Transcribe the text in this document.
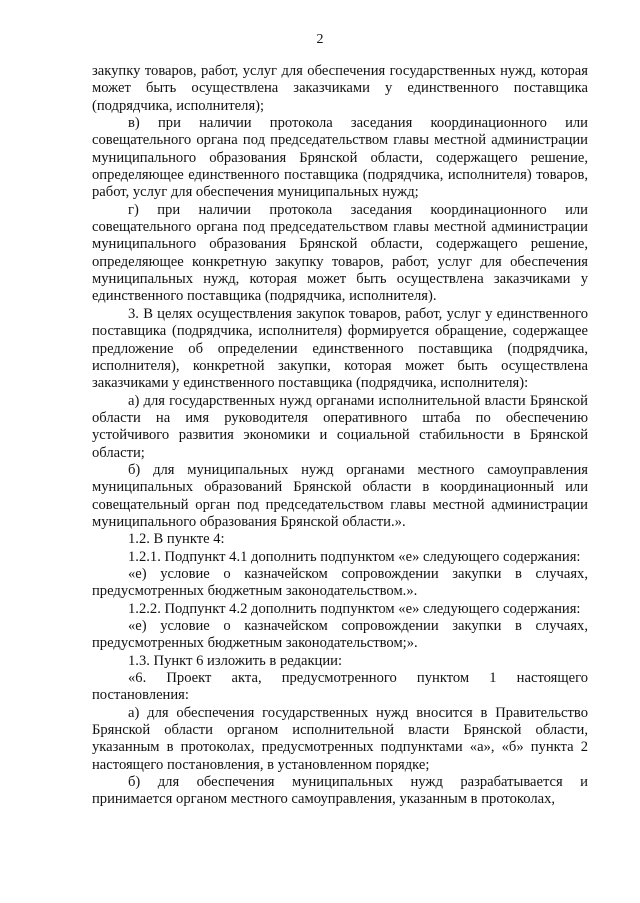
2

закупку товаров, работ, услуг для обеспечения государственных нужд, которая может быть осуществлена заказчиками у единственного поставщика (подрядчика, исполнителя);

в) при наличии протокола заседания координационного или совещательного органа под председательством главы местной администрации муниципального образования Брянской области, содержащего решение, определяющее единственного поставщика (подрядчика, исполнителя) товаров, работ, услуг для обеспечения муниципальных нужд;

г) при наличии протокола заседания координационного или совещательного органа под председательством главы местной администрации муниципального образования Брянской области, содержащего решение, определяющее конкретную закупку товаров, работ, услуг для обеспечения муниципальных нужд, которая может быть осуществлена заказчиками у единственного поставщика (подрядчика, исполнителя).

3. В целях осуществления закупок товаров, работ, услуг у единственного поставщика (подрядчика, исполнителя) формируется обращение, содержащее предложение об определении единственного поставщика (подрядчика, исполнителя), конкретной закупки, которая может быть осуществлена заказчиками у единственного поставщика (подрядчика, исполнителя):

а) для государственных нужд органами исполнительной власти Брянской области на имя руководителя оперативного штаба по обеспечению устойчивого развития экономики и социальной стабильности в Брянской области;

б) для муниципальных нужд органами местного самоуправления муниципальных образований Брянской области в координационный или совещательный орган под председательством главы местной администрации муниципального образования Брянской области.».

1.2. В пункте 4:

1.2.1. Подпункт 4.1 дополнить подпунктом «е» следующего содержания:

«е) условие о казначейском сопровождении закупки в случаях, предусмотренных бюджетным законодательством.».

1.2.2. Подпункт 4.2 дополнить подпунктом «е» следующего содержания:

«е) условие о казначейском сопровождении закупки в случаях, предусмотренных бюджетным законодательством;».

1.3. Пункт 6 изложить в редакции:

«6. Проект акта, предусмотренного пунктом 1 настоящего постановления:

а) для обеспечения государственных нужд вносится в Правительство Брянской области органом исполнительной власти Брянской области, указанным в протоколах, предусмотренных подпунктами «а», «б» пункта 2 настоящего постановления, в установленном порядке;

б) для обеспечения муниципальных нужд разрабатывается и принимается органом местного самоуправления, указанным в протоколах,
